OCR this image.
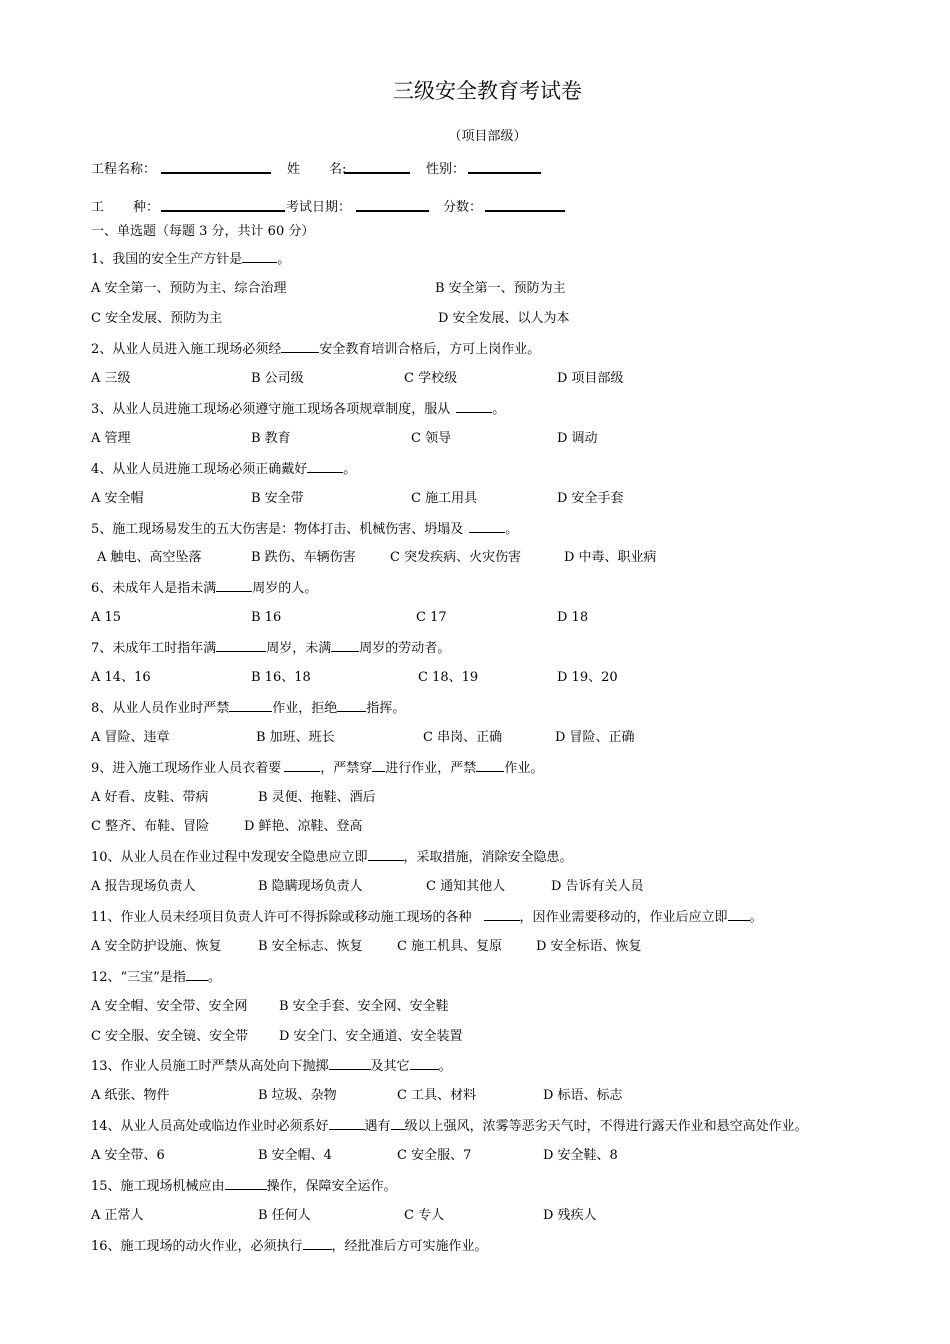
三级安全教育考试卷
（项目部级）
工程名称：	姓 名:	性别：
工 种：	考试日期：	分数：
一、单选题（每题 3 分，共计 60 分）
1、我国的安全生产方针是	。
A 安全第一、预防为主、综合治理	B 安全第一、预防为主
C 安全发展、预防为主	D 安全发展、以人为本
2、从业人员进入施工现场必须经	安全教育培训合格后，方可上岗作业。
A 三级	B 公司级	C 学校级	D 项目部级
3、从业人员进施工现场必须遵守施工现场各项规章制度，服从	。
A 管理	B 教育	C 领导	D 调动
4、从业人员进施工现场必须正确戴好	。
A 安全帽	B 安全带	C 施工用具	D 安全手套
5、施工现场易发生的五大伤害是：物体打击、机械伤害、坍塌及	。
A 触电、高空坠落	B 跌伤、车辆伤害	C 突发疾病、火灾伤害	D 中毒、职业病
6、未成年人是指未满	周岁的人。
A 15	B 16	C 17	D 18
7、未成年工时指年满	周岁，未满 周岁的劳动者。
A 14、16	B 16、18	C 18、19	D 19、20
8、从业人员作业时严禁	作业，拒绝 指挥。
A 冒险、违章	B 加班、班长	C 串岗、正确	D 冒险、正确
9、进入施工现场作业人员衣着要	，严禁穿 进行作业，严禁 作业。
A 好看、皮鞋、带病	B 灵便、拖鞋、酒后
C 整齐、布鞋、冒险	D 鲜艳、凉鞋、登高
10、从业人员在作业过程中发现安全隐患应立即	，采取措施，消除安全隐患。
A 报告现场负责人	B 隐瞒现场负责人	C 通知其他人	D 告诉有关人员
11、作业人员未经项目负责人许可不得拆除或移动施工现场的各种	，因作业需要移动的，作业后应立即 。
A 安全防护设施、恢复	B 安全标志、恢复	C 施工机具、复原	D 安全标语、恢复
12、“三宝”是指 。
A 安全帽、安全带、安全网 B 安全手套、安全网、安全鞋
C 安全服、安全镜、安全带 D 安全门、安全通道、安全装置
13、作业人员施工时严禁从高处向下抛掷	及其它 。
A 纸张、物件	B 垃圾、杂物	C 工具、材料	D 标语、标志
14、从业人员高处或临边作业时必须系好	遇有 级以上强风，浓雾等恶劣天气时，不得进行露天作业和悬空高处作业。
A 安全带、6	B 安全帽、4	C 安全服、7	D 安全鞋、8
15、施工现场机械应由	操作，保障安全运作。
A 正常人	B 任何人	C 专人	D 残疾人
16、施工现场的动火作业，必须执行 ，经批准后方可实施作业。
